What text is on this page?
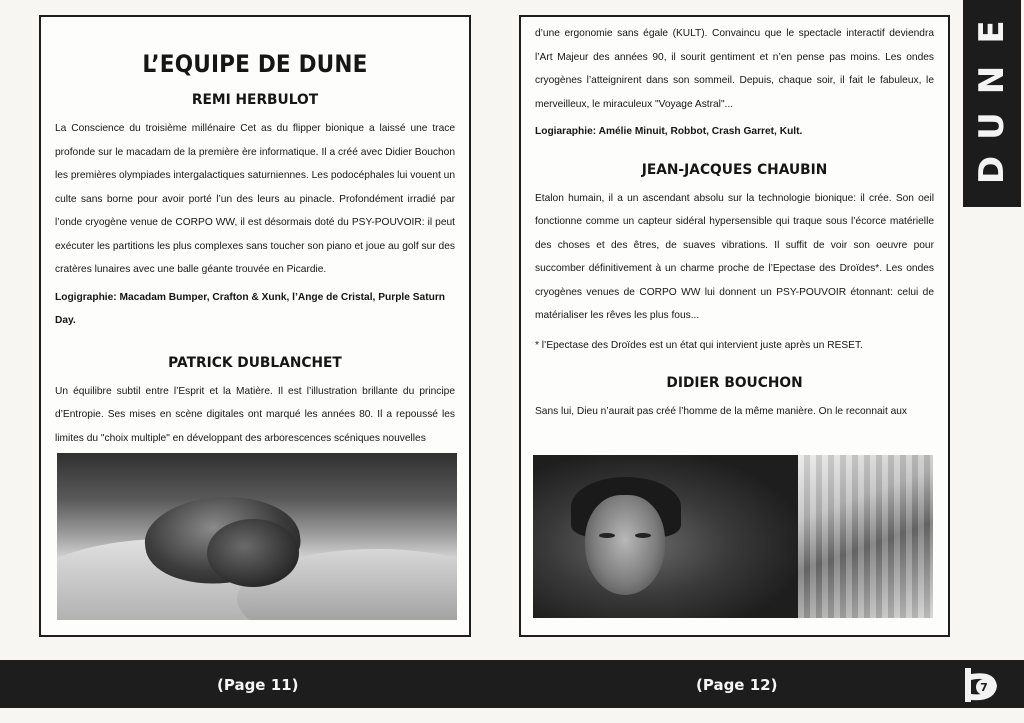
L’EQUIPE DE DUNE
REMI HERBULOT

La Conscience du troisième millénaire Cet as du flipper bionique a laissé une trace profonde sur le macadam de la première ère informatique. Il a créé avec Didier Bouchon les premières olympiades intergalactiques saturniennes. Les podocéphales lui vouent un culte sans borne pour avoir porté l’un des leurs au pinacle. Profondément irradié par l’onde cryogène venue de CORPO WW, il est désormais doté du PSY-POUVOIR: il peut exécuter les partitions les plus complexes sans toucher son piano et joue au golf sur des cratères lunaires avec une balle géante trouvée en Picardie.

Logigraphie: Macadam Bumper, Crafton & Xunk, l’Ange de Cristal, Purple Saturn Day.

PATRICK DUBLANCHET

Un équilibre subtil entre l’Esprit et la Matière. Il est l’illustration brillante du principe d’Entropie. Ses mises en scène digitales ont marqué les années 80. Il a repoussé les limites du "choix multiple" en développant des arborescences scéniques nouvelles

d’une ergonomie sans égale (KULT). Convaincu que le spectacle interactif deviendra l’Art Majeur des années 90, il sourit gentiment et n’en pense pas moins. Les ondes cryogènes l’atteignirent dans son sommeil. Depuis, chaque soir, il fait le fabuleux, le merveilleux, le miraculeux "Voyage Astral"...

Logiaraphie: Amélie Minuit, Robbot, Crash Garret, Kult.

JEAN-JACQUES CHAUBIN

Etalon humain, il a un ascendant absolu sur la technologie bionique: il crée. Son oeil fonctionne comme un capteur sidéral hypersensible qui traque sous l’écorce matérielle des choses et des êtres, de suaves vibrations. Il suffit de voir son oeuvre pour succomber définitivement à un charme proche de l’Epectase des Droïdes*. Les ondes cryogènes venues de CORPO WW lui donnent un PSY-POUVOIR étonnant: celui de matérialiser les rêves les plus fous...

* l’Epectase des Droïdes est un état qui intervient juste après un RESET.

DIDIER BOUCHON

Sans lui, Dieu n’aurait pas créé l’homme de la même manière. On le reconnait aux

D
U
N
E
(Page 11)	(Page 12)	7
